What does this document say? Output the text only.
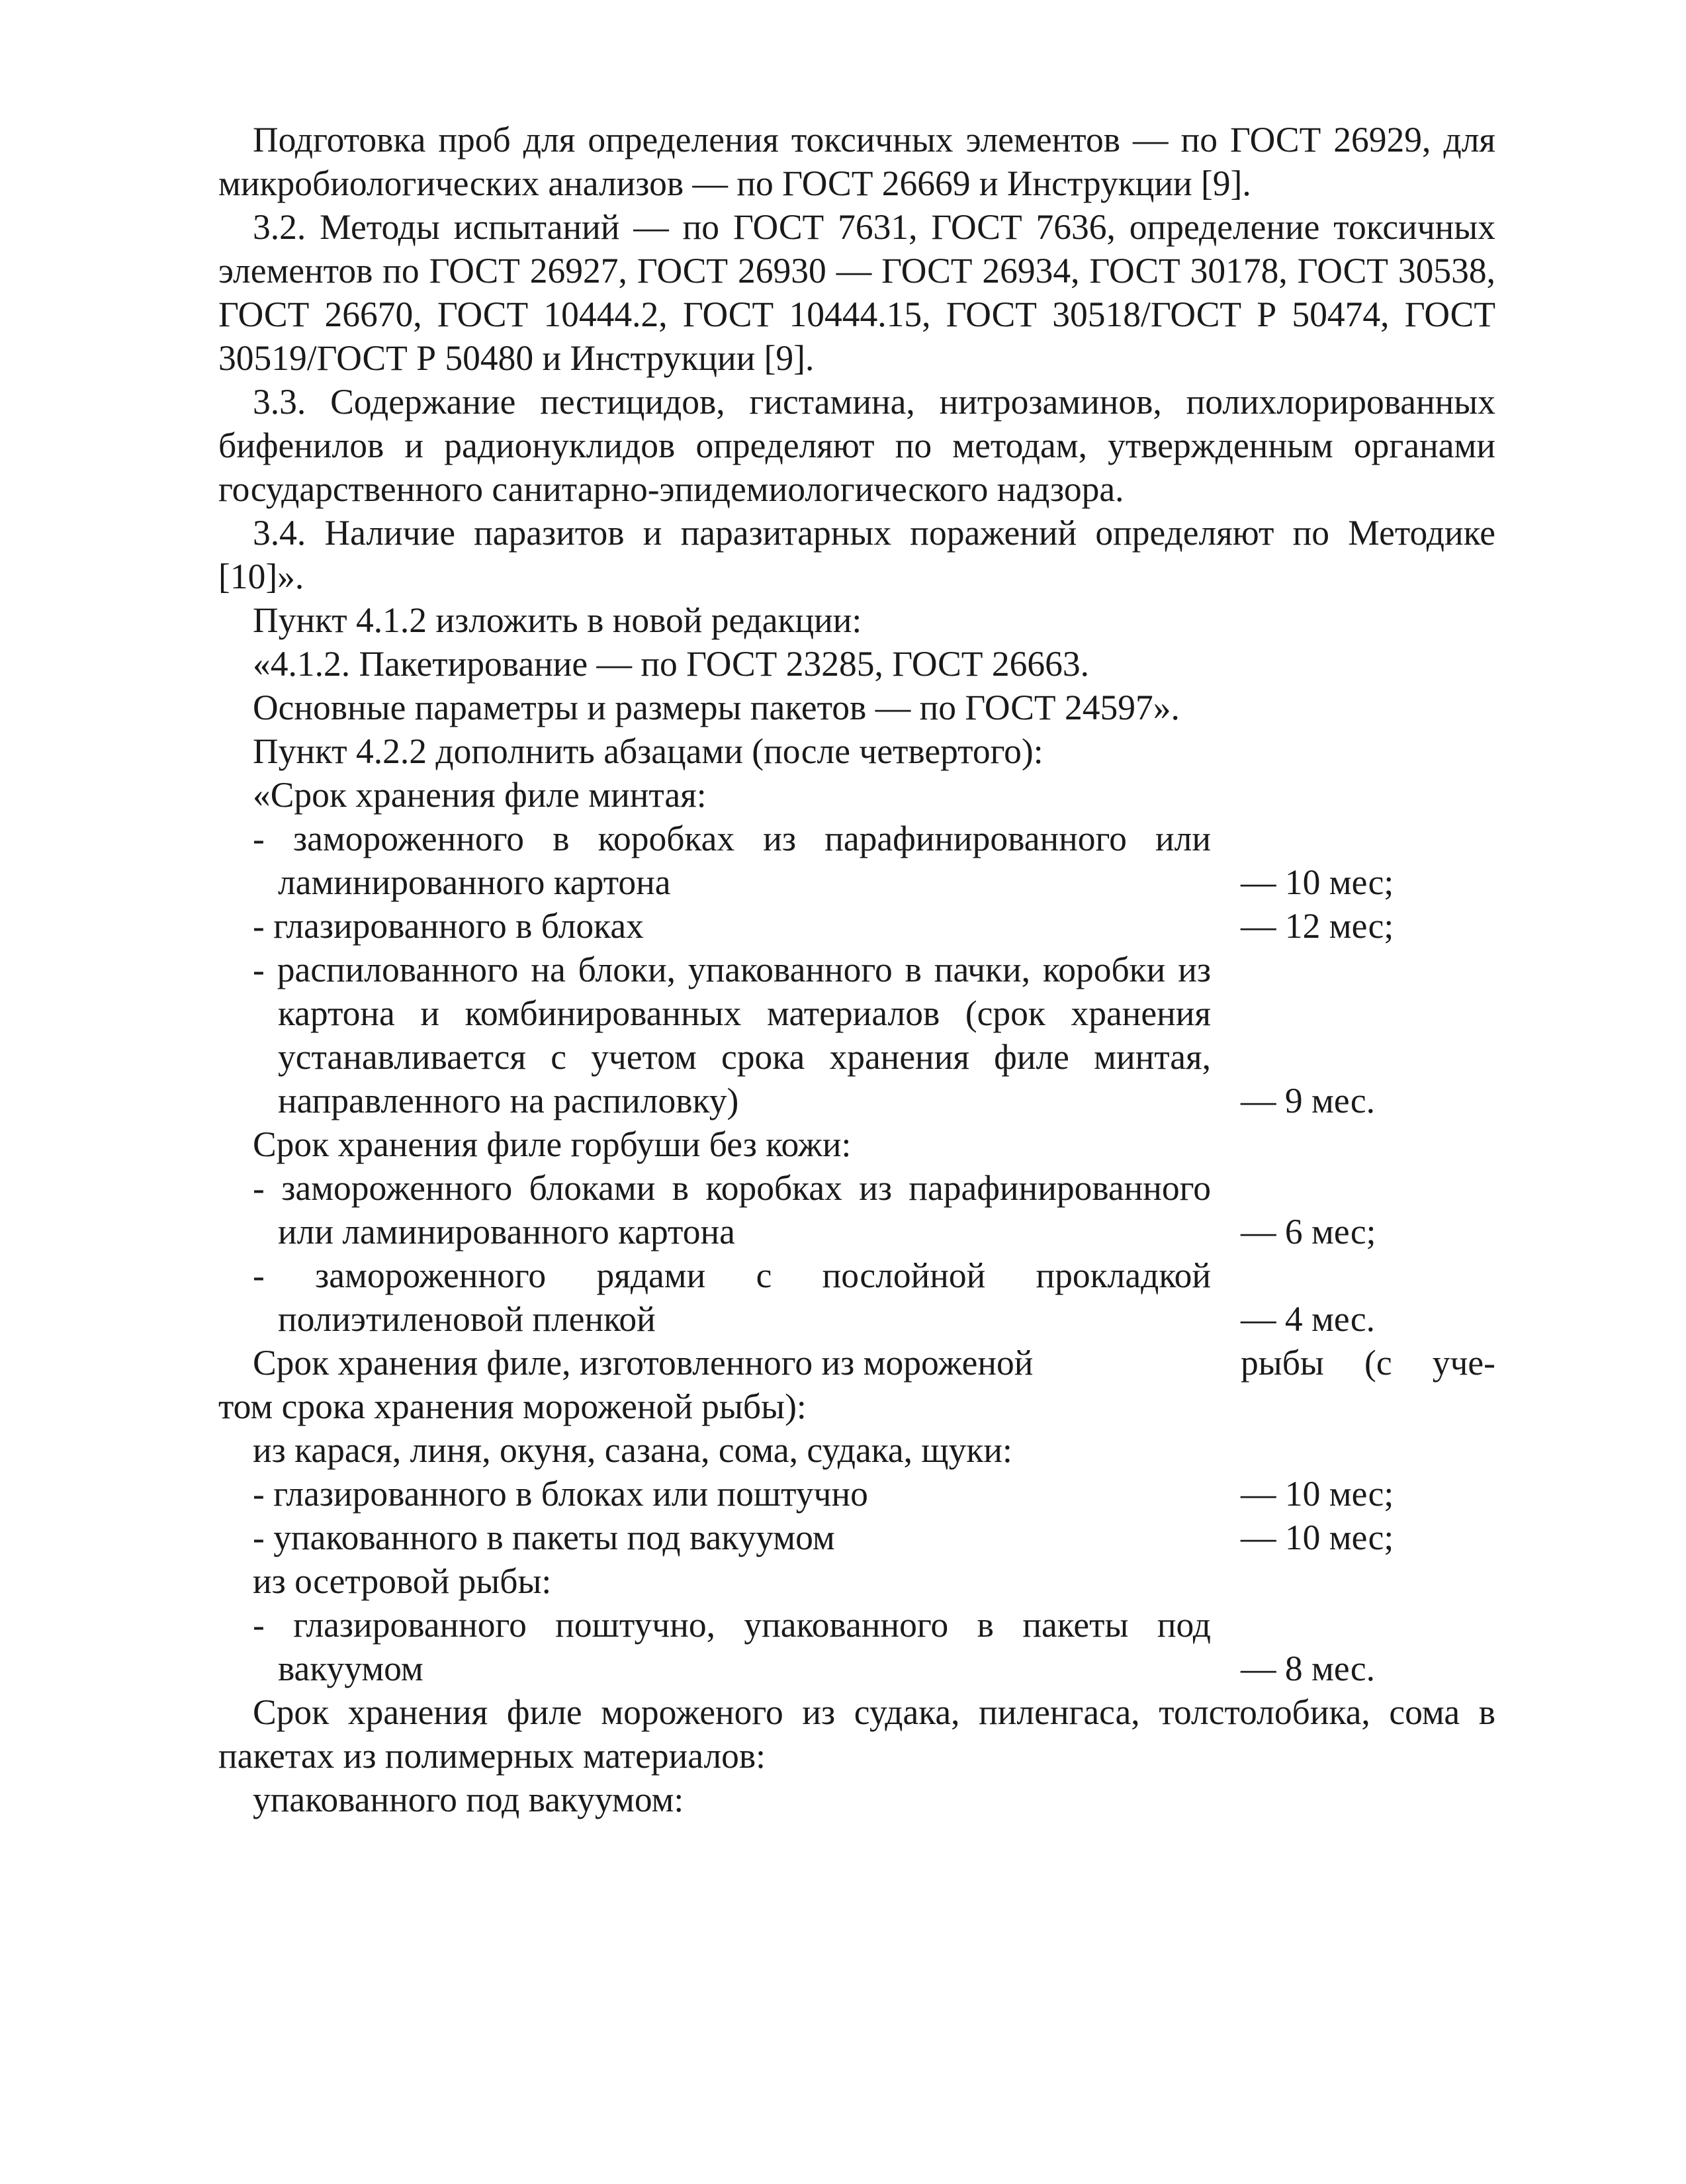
Подготовка проб для определения токсичных элементов — по ГОСТ 26929, для микробиологических анализов — по ГОСТ 26669 и Инструкции [9].

3.2. Методы испытаний — по ГОСТ 7631, ГОСТ 7636, определение токсичных элементов по ГОСТ 26927, ГОСТ 26930 — ГОСТ 26934, ГОСТ 30178, ГОСТ 30538, ГОСТ 26670, ГОСТ 10444.2, ГОСТ 10444.15, ГОСТ 30518/ГОСТ Р 50474, ГОСТ 30519/ГОСТ Р 50480 и Инструкции [9].

3.3. Содержание пестицидов, гистамина, нитрозаминов, полихлорированных бифенилов и радионуклидов определяют по методам, утвержденным органами государственного санитарно-эпидемиологического надзора.

3.4. Наличие паразитов и паразитарных поражений определяют по Методике [10]».

Пункт 4.1.2 изложить в новой редакции:

«4.1.2. Пакетирование — по ГОСТ 23285, ГОСТ 26663.

Основные параметры и размеры пакетов — по ГОСТ 24597».

Пункт 4.2.2 дополнить абзацами (после четвертого):

«Срок хранения филе минтая:

- замороженного в коробках из парафинированного или ламинированного картона	— 10 мес;
- глазированного в блоках	— 12 мес;
- распилованного на блоки, упакованного в пачки, коробки из картона и комбинированных материалов (срок хранения устанавливается с учетом срока хранения филе минтая, направленного на распиловку)	— 9 мес.

Срок хранения филе горбуши без кожи:

- замороженного блоками в коробках из парафинированного или ламинированного картона	— 6 мес;
- замороженного рядами с послойной прокладкой полиэтиленовой пленкой	— 4 мес.
Срок хранения филе, изготовленного из мороженой	рыбы (с уче-

том срока хранения мороженой рыбы):

из карася, линя, окуня, сазана, сома, судака, щуки:

- глазированного в блоках или поштучно	— 10 мес;
- упакованного в пакеты под вакуумом	— 10 мес;

из осетровой рыбы:

- глазированного поштучно, упакованного в пакеты под вакуумом	— 8 мес.

Срок хранения филе мороженого из судака, пиленгаса, толстолобика, сома в пакетах из полимерных материалов:

упакованного под вакуумом:
